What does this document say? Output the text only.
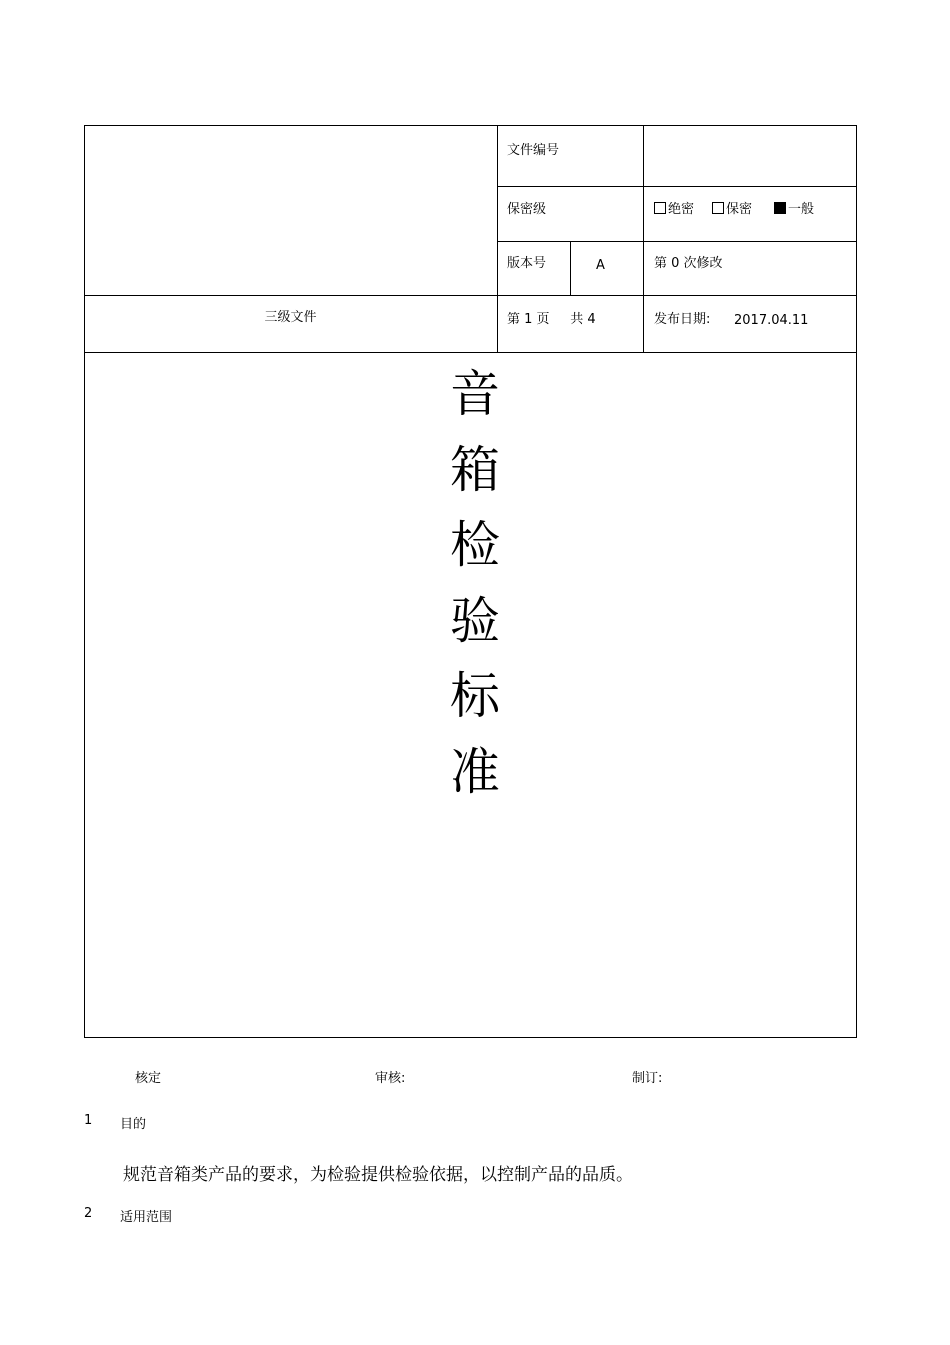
文件编号
保密级	绝密 保密	一般
版本号	A	第 0 次修改
三级文件	第 1 页     共 4	发布日期: 2017.04.11
音
箱
检
验
标
准
核定	审核:	制订:
1 目的
规范音箱类产品的要求，为检验提供检验依据，以控制产品的品质。
2 适用范围
